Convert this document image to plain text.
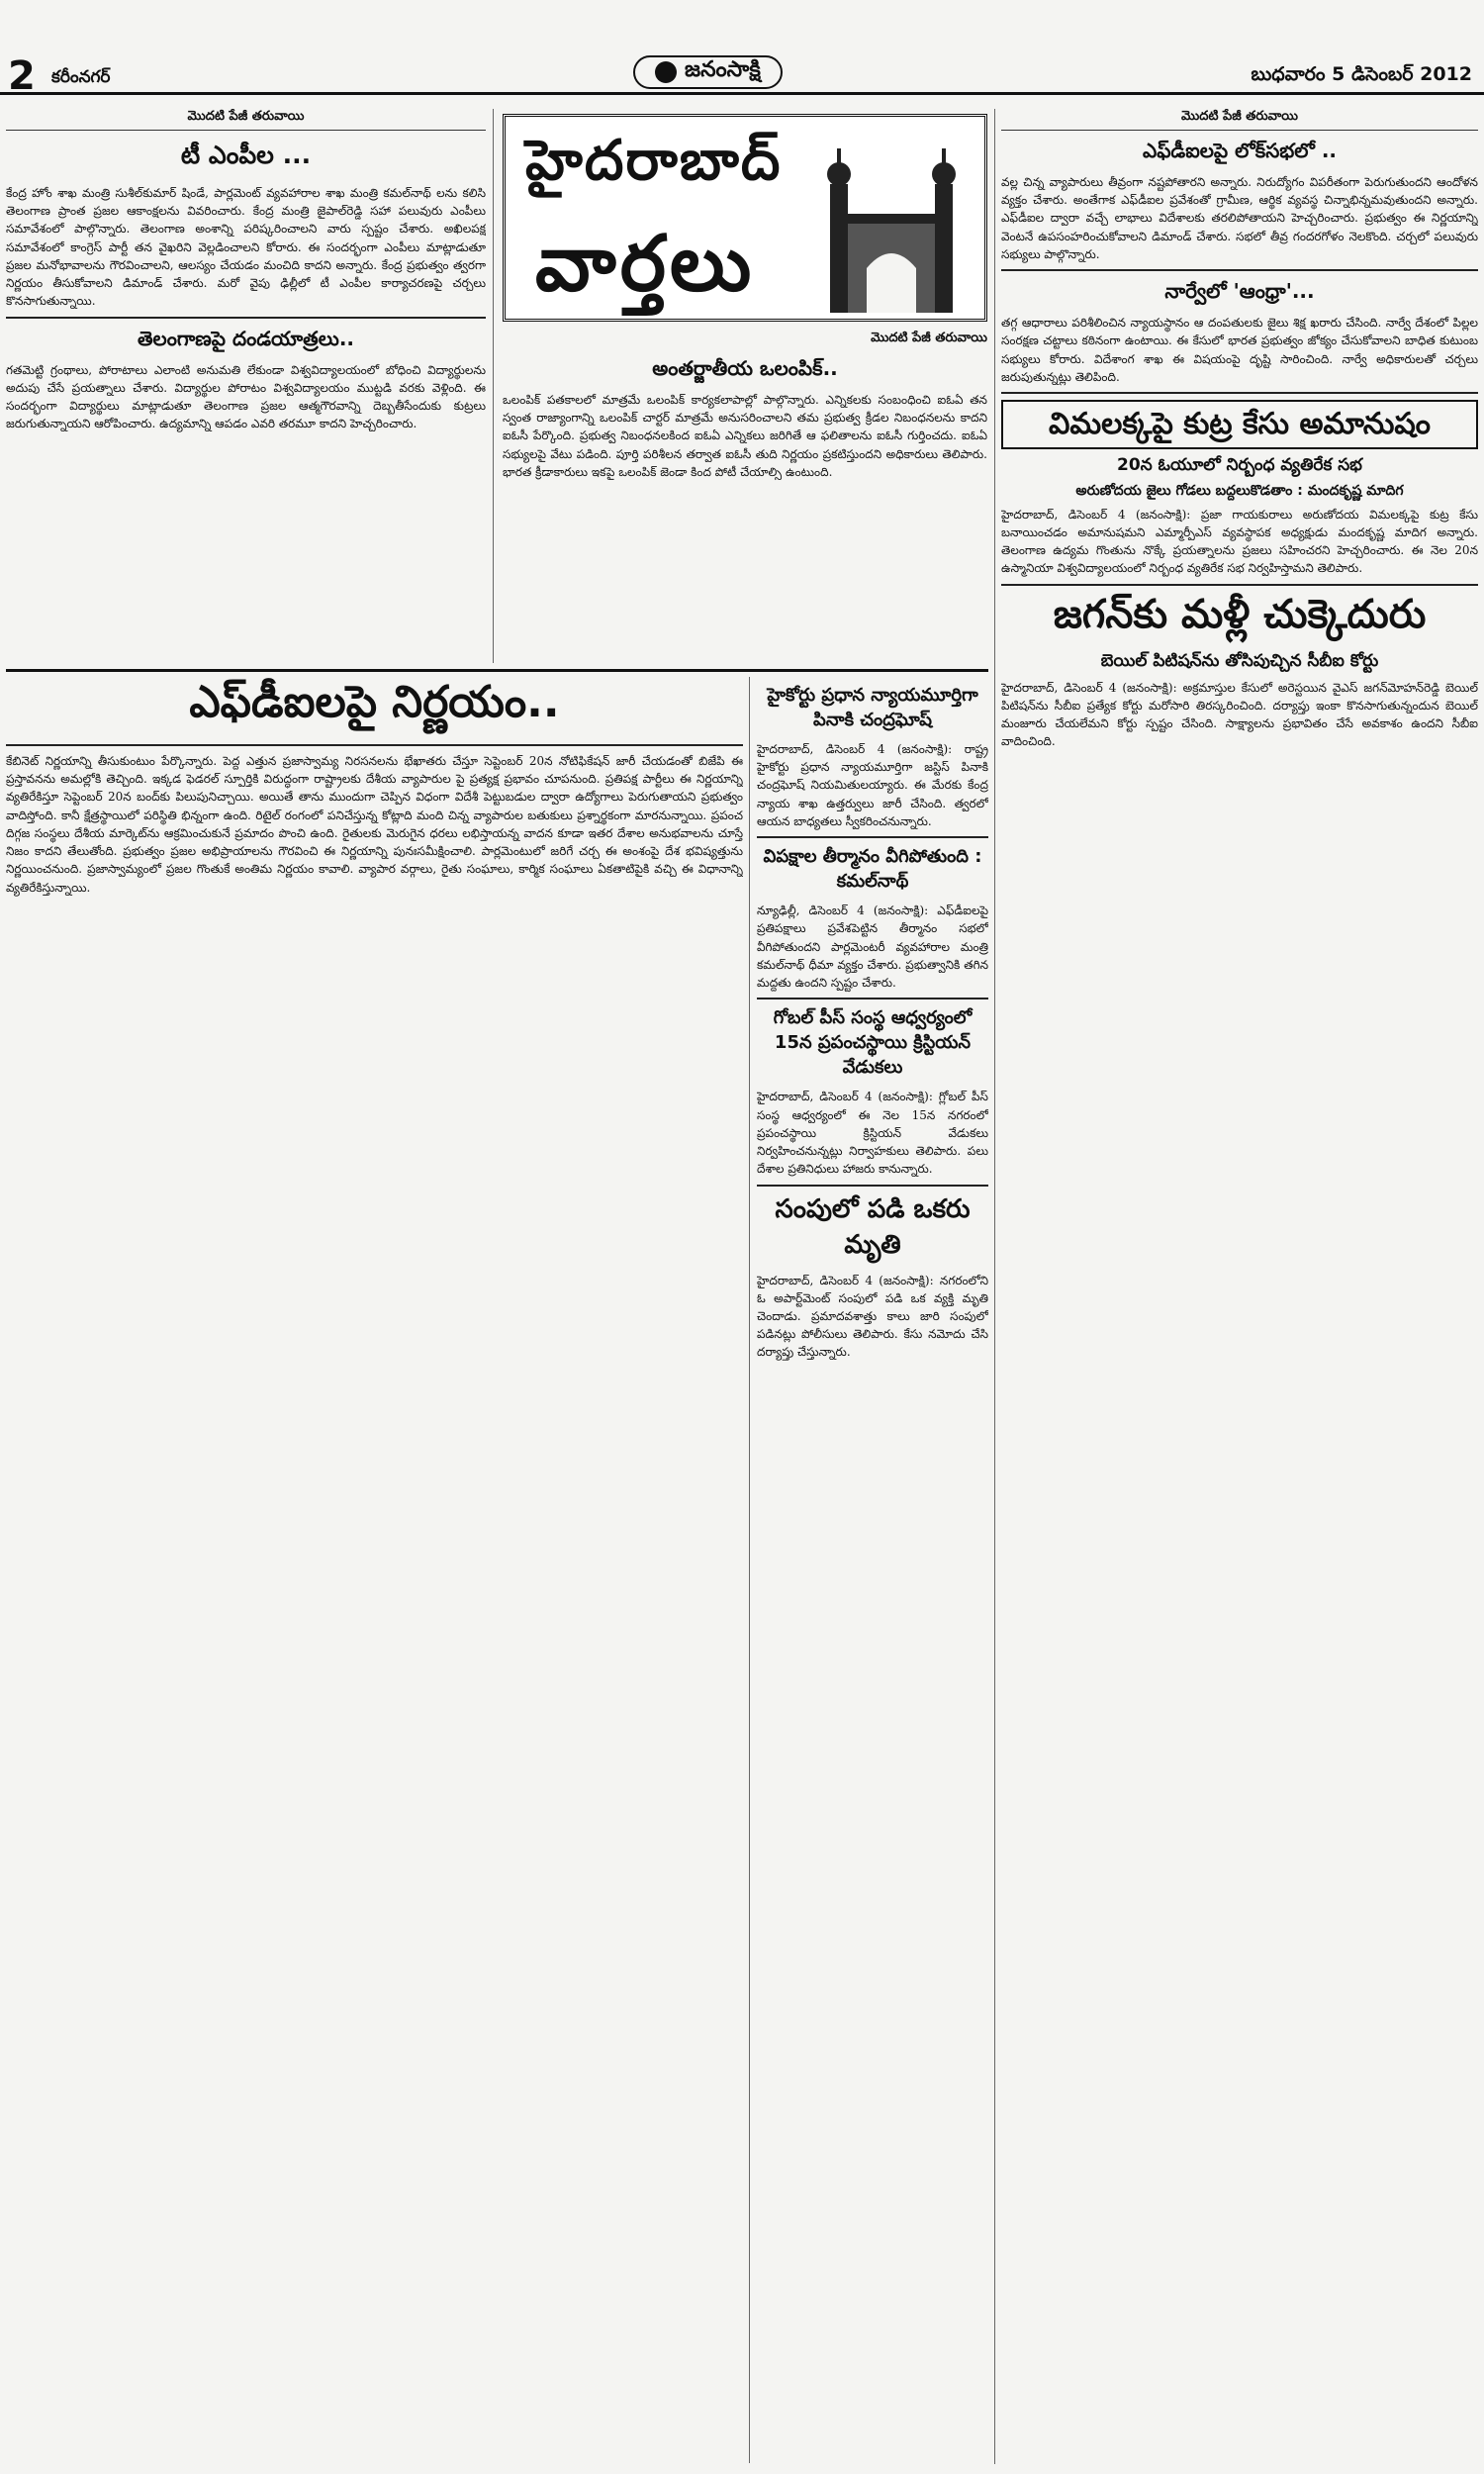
2 కరీంనగర్	జనంసాక్షి	బుధవారం 5 డిసెంబర్ 2012
మొదటి పేజీ తరువాయి
టీ ఎంపీల ...

కేంద్ర హోం శాఖ మంత్రి సుశీల్‌కుమార్ షిండే, పార్లమెంట్ వ్యవహారాల శాఖ మంత్రి కమల్‌నాథ్ లను కలిసి తెలంగాణ ప్రాంత ప్రజల ఆకాంక్షలను వివరించారు. కేంద్ర మంత్రి జైపాల్‌రెడ్డి సహా పలువురు ఎంపీలు సమావేశంలో పాల్గొన్నారు. తెలంగాణ అంశాన్ని పరిష్కరించాలని వారు స్పష్టం చేశారు. అఖిలపక్ష సమావేశంలో కాంగ్రెస్ పార్టీ తన వైఖరిని వెల్లడించాలని కోరారు. ఈ సందర్భంగా ఎంపీలు మాట్లాడుతూ ప్రజల మనోభావాలను గౌరవించాలని, ఆలస్యం చేయడం మంచిది కాదని అన్నారు. కేంద్ర ప్రభుత్వం త్వరగా నిర్ణయం తీసుకోవాలని డిమాండ్ చేశారు. మరో వైపు ఢిల్లీలో టీ ఎంపీల కార్యాచరణపై చర్చలు కొనసాగుతున్నాయి.

తెలంగాణపై దండయాత్రలు..

గతమెట్టి గ్రంథాలు, పోరాటాలు ఎలాంటి అనుమతి లేకుండా విశ్వవిద్యాలయంలో బోధించి విద్యార్థులను అదుపు చేసే ప్రయత్నాలు చేశారు. విద్యార్థుల పోరాటం విశ్వవిద్యాలయం ముట్టడి వరకు వెళ్లింది. ఈ సందర్భంగా విద్యార్థులు మాట్లాడుతూ తెలంగాణ ప్రజల ఆత్మగౌరవాన్ని దెబ్బతీసేందుకు కుట్రలు జరుగుతున్నాయని ఆరోపించారు. ఉద్యమాన్ని ఆపడం ఎవరి తరమూ కాదని హెచ్చరించారు.

హైదరాబాద్
వార్తలు
మొదటి పేజీ తరువాయి
అంతర్జాతీయ ఒలంపిక్..

ఒలంపిక్ పతకాలలో మాత్రమే ఒలంపిక్ కార్యకలాపాల్లో పాల్గొన్నారు. ఎన్నికలకు సంబంధించి ఐఓఏ తన స్వంత రాజ్యాంగాన్ని ఒలంపిక్ చార్టర్ మాత్రమే అనుసరించాలని తమ ప్రభుత్వ క్రీడల నిబంధనలను కాదని ఐఓసీ పేర్కొంది. ప్రభుత్వ నిబంధనలకింద ఐఓఏ ఎన్నికలు జరిగితే ఆ ఫలితాలను ఐఓసీ గుర్తించదు. ఐఓఏ సభ్యులపై వేటు పడింది. పూర్తి పరిశీలన తర్వాత ఐఓసీ తుది నిర్ణయం ప్రకటిస్తుందని అధికారులు తెలిపారు. భారత క్రీడాకారులు ఇకపై ఒలంపిక్ జెండా కింద పోటీ చేయాల్సి ఉంటుంది.

మొదటి పేజీ తరువాయి
ఎఫ్‌డీఐలపై లోక్‌సభలో ..

వల్ల చిన్న వ్యాపారులు తీవ్రంగా నష్టపోతారని అన్నారు. నిరుద్యోగం విపరీతంగా పెరుగుతుందని ఆందోళన వ్యక్తం చేశారు. అంతేగాక ఎఫ్‌డీఐల ప్రవేశంతో గ్రామీణ, ఆర్థిక వ్యవస్థ చిన్నాభిన్నమవుతుందని అన్నారు. ఎఫ్‌డీఐల ద్వారా వచ్చే లాభాలు విదేశాలకు తరలిపోతాయని హెచ్చరించారు. ప్రభుత్వం ఈ నిర్ణయాన్ని వెంటనే ఉపసంహరించుకోవాలని డిమాండ్ చేశారు. సభలో తీవ్ర గందరగోళం నెలకొంది. చర్చలో పలువురు సభ్యులు పాల్గొన్నారు.

నార్వేలో 'ఆంధ్రా'...

తగ్గ ఆధారాలు పరిశీలించిన న్యాయస్థానం ఆ దంపతులకు జైలు శిక్ష ఖరారు చేసింది. నార్వే దేశంలో పిల్లల సంరక్షణ చట్టాలు కఠినంగా ఉంటాయి. ఈ కేసులో భారత ప్రభుత్వం జోక్యం చేసుకోవాలని బాధిత కుటుంబ సభ్యులు కోరారు. విదేశాంగ శాఖ ఈ విషయంపై దృష్టి సారించింది. నార్వే అధికారులతో చర్చలు జరుపుతున్నట్లు తెలిపింది.

విమలక్కపై కుట్ర కేసు అమానుషం
20న ఓయూలో నిర్బంధ వ్యతిరేక సభ
అరుణోదయ జైలు గోడలు బద్దలుకొడతాం : మందకృష్ణ మాదిగ

హైదరాబాద్, డిసెంబర్ 4 (జనంసాక్షి): ప్రజా గాయకురాలు అరుణోదయ విమలక్కపై కుట్ర కేసు బనాయించడం అమానుషమని ఎమ్మార్పీఎస్ వ్యవస్థాపక అధ్యక్షుడు మందకృష్ణ మాదిగ అన్నారు. తెలంగాణ ఉద్యమ గొంతును నొక్కే ప్రయత్నాలను ప్రజలు సహించరని హెచ్చరించారు. ఈ నెల 20న ఉస్మానియా విశ్వవిద్యాలయంలో నిర్బంధ వ్యతిరేక సభ నిర్వహిస్తామని తెలిపారు.

జగన్‌కు మళ్లీ చుక్కెదురు
బెయిల్ పిటిషన్‌ను తోసిపుచ్చిన సీబీఐ కోర్టు

హైదరాబాద్, డిసెంబర్ 4 (జనంసాక్షి): అక్రమాస్తుల కేసులో అరెస్టయిన వైఎస్ జగన్‌మోహన్‌రెడ్డి బెయిల్ పిటిషన్‌ను సీబీఐ ప్రత్యేక కోర్టు మరోసారి తిరస్కరించింది. దర్యాప్తు ఇంకా కొనసాగుతున్నందున బెయిల్ మంజూరు చేయలేమని కోర్టు స్పష్టం చేసింది. సాక్ష్యాలను ప్రభావితం చేసే అవకాశం ఉందని సీబీఐ వాదించింది.

ఎఫ్‌డీఐలపై నిర్ణయం..

కేబినెట్ నిర్ణయాన్ని తీసుకుంటుం పేర్కొన్నారు. పెద్ద ఎత్తున ప్రజాస్వామ్య నిరసనలను భేఖాతరు చేస్తూ సెప్టెంబర్ 20న నోటిఫికేషన్ జారీ చేయడంతో బిజేపి ఈ ప్రస్తావనను అమల్లోకి తెచ్చింది. ఇక్కడ ఫెడరల్ స్పూర్తికి విరుద్ధంగా రాష్ట్రాలకు దేశీయ వ్యాపారుల పై ప్రత్యక్ష ప్రభావం చూపనుంది. ప్రతిపక్ష పార్టీలు ఈ నిర్ణయాన్ని వ్యతిరేకిస్తూ సెప్టెంబర్ 20న బంద్‌కు పిలుపునిచ్చాయి. అయితే తాను ముందుగా చెప్పిన విధంగా విదేశీ పెట్టుబడుల ద్వారా ఉద్యోగాలు పెరుగుతాయని ప్రభుత్వం వాదిస్తోంది. కానీ క్షేత్రస్థాయిలో పరిస్థితి భిన్నంగా ఉంది. రిటైల్ రంగంలో పనిచేస్తున్న కోట్లాది మంది చిన్న వ్యాపారుల బతుకులు ప్రశ్నార్థకంగా మారనున్నాయి. ప్రపంచ దిగ్గజ సంస్థలు దేశీయ మార్కెట్‌ను ఆక్రమించుకునే ప్రమాదం పొంచి ఉంది. రైతులకు మెరుగైన ధరలు లభిస్తాయన్న వాదన కూడా ఇతర దేశాల అనుభవాలను చూస్తే నిజం కాదని తేలుతోంది. ప్రభుత్వం ప్రజల అభిప్రాయాలను గౌరవించి ఈ నిర్ణయాన్ని పునఃసమీక్షించాలి. పార్లమెంటులో జరిగే చర్చ ఈ అంశంపై దేశ భవిష్యత్తును నిర్ణయించనుంది. ప్రజాస్వామ్యంలో ప్రజల గొంతుకే అంతిమ నిర్ణయం కావాలి. వ్యాపార వర్గాలు, రైతు సంఘాలు, కార్మిక సంఘాలు ఏకతాటిపైకి వచ్చి ఈ విధానాన్ని వ్యతిరేకిస్తున్నాయి.

హైకోర్టు ప్రధాన న్యాయమూర్తిగా పినాకి చంద్రఘోష్

హైదరాబాద్, డిసెంబర్ 4 (జనంసాక్షి): రాష్ట్ర హైకోర్టు ప్రధాన న్యాయమూర్తిగా జస్టిస్ పినాకి చంద్రఘోష్ నియమితులయ్యారు. ఈ మేరకు కేంద్ర న్యాయ శాఖ ఉత్తర్వులు జారీ చేసింది. త్వరలో ఆయన బాధ్యతలు స్వీకరించనున్నారు.

విపక్షాల తీర్మానం వీగిపోతుంది : కమల్‌నాథ్

న్యూఢిల్లీ, డిసెంబర్ 4 (జనంసాక్షి): ఎఫ్‌డీఐలపై ప్రతిపక్షాలు ప్రవేశపెట్టిన తీర్మానం సభలో వీగిపోతుందని పార్లమెంటరీ వ్యవహారాల మంత్రి కమల్‌నాథ్ ధీమా వ్యక్తం చేశారు. ప్రభుత్వానికి తగిన మద్దతు ఉందని స్పష్టం చేశారు.

గోబల్ పీస్ సంస్థ ఆధ్వర్యంలో 15న ప్రపంచస్థాయి క్రిస్టియన్ వేడుకలు

హైదరాబాద్, డిసెంబర్ 4 (జనంసాక్షి): గ్లోబల్ పీస్ సంస్థ ఆధ్వర్యంలో ఈ నెల 15న నగరంలో ప్రపంచస్థాయి క్రిస్టియన్ వేడుకలు నిర్వహించనున్నట్లు నిర్వాహకులు తెలిపారు. పలు దేశాల ప్రతినిధులు హాజరు కానున్నారు.

సంపులో పడి ఒకరు మృతి

హైదరాబాద్, డిసెంబర్ 4 (జనంసాక్షి): నగరంలోని ఓ అపార్ట్‌మెంట్ సంపులో పడి ఒక వ్యక్తి మృతి చెందాడు. ప్రమాదవశాత్తు కాలు జారి సంపులో పడినట్లు పోలీసులు తెలిపారు. కేసు నమోదు చేసి దర్యాప్తు చేస్తున్నారు.
